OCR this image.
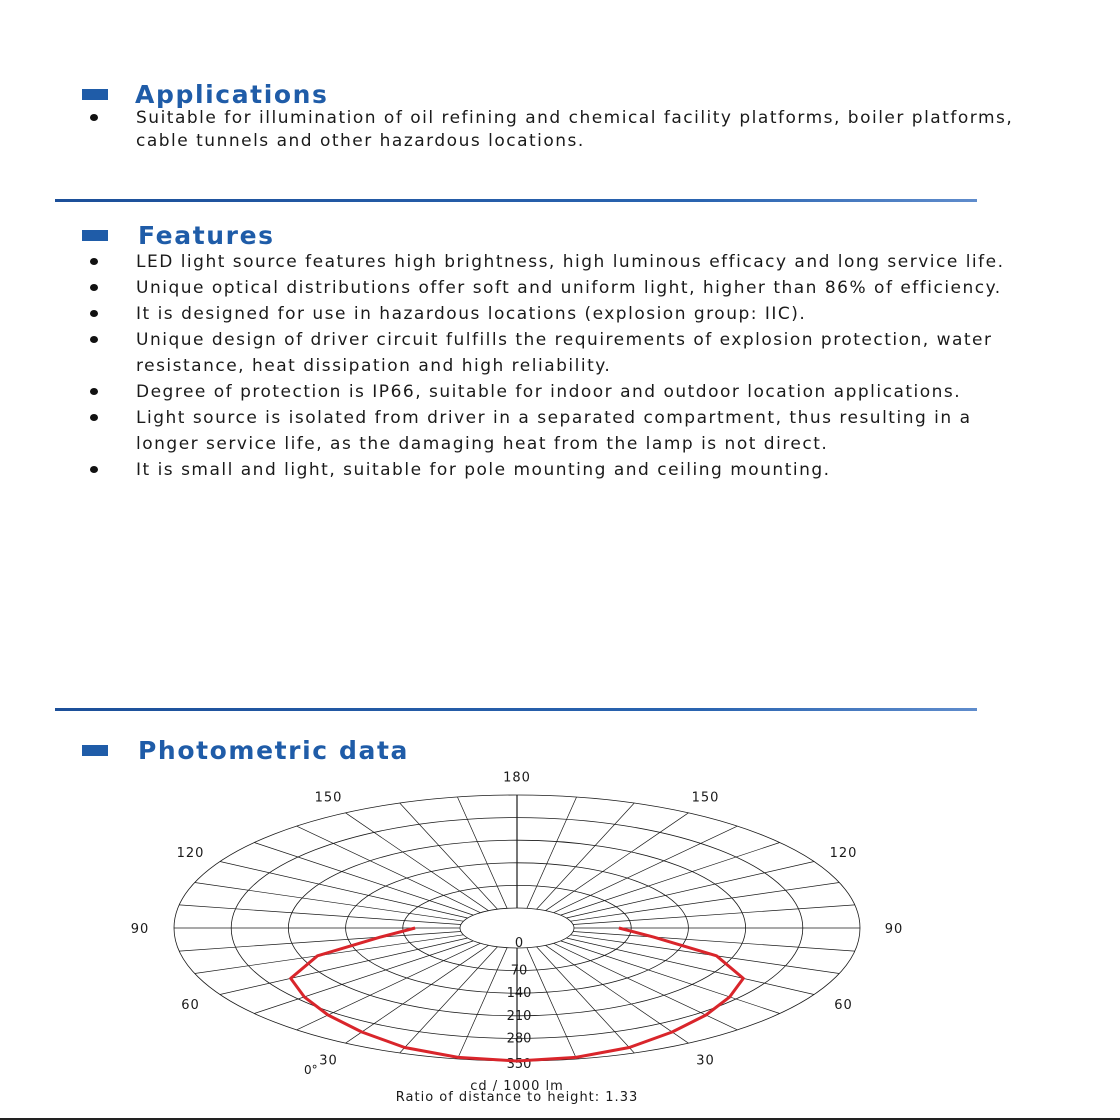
Applications
Suitable for illumination of oil refining and chemical facility platforms, boiler platforms, cable tunnels and other hazardous locations.
Features
LED light source features high brightness, high luminous efficacy and long service life.
Unique optical distributions offer soft and uniform light, higher than 86% of efficiency.
It is designed for use in hazardous locations (explosion group: IIC).
Unique design of driver circuit fulfills the requirements of explosion protection, water resistance, heat dissipation and high reliability.
Degree of protection is IP66, suitable for indoor and outdoor location applications.
Light source is isolated from driver in a separated compartment, thus resulting in a longer service life, as the damaging heat from the lamp is not direct.
It is small and light, suitable for pole mounting and ceiling mounting.
Photometric data
0
70
140
210
280
350	30
30
60
60
90
90
120
120
150
150
180
0°
cd / 1000 lm
Ratio of distance to height: 1.33
